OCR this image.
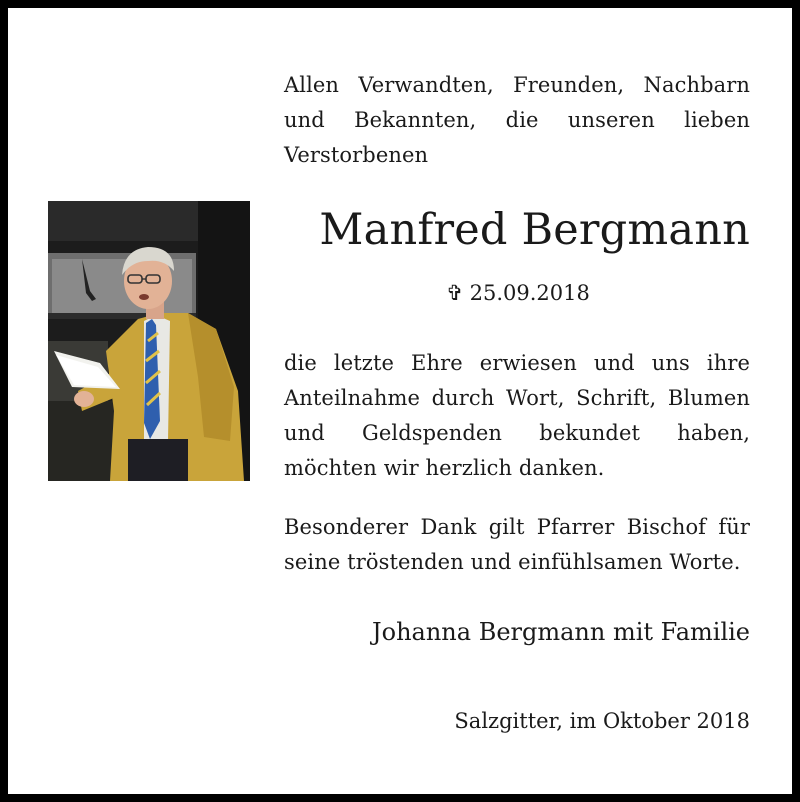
Allen Verwandten, Freunden, Nachbarn und Bekannten, die unseren lieben Verstorbenen
Manfred Bergmann
✞ 25.09.2018
die letzte Ehre erwiesen und uns ihre Anteilnahme durch Wort, Schrift, Blumen und Geldspenden bekundet haben, möchten wir herzlich danken.
Besonderer Dank gilt Pfarrer Bischof für seine tröstenden und einfühlsamen Worte.
Johanna Bergmann mit Familie
Salzgitter, im Oktober 2018
